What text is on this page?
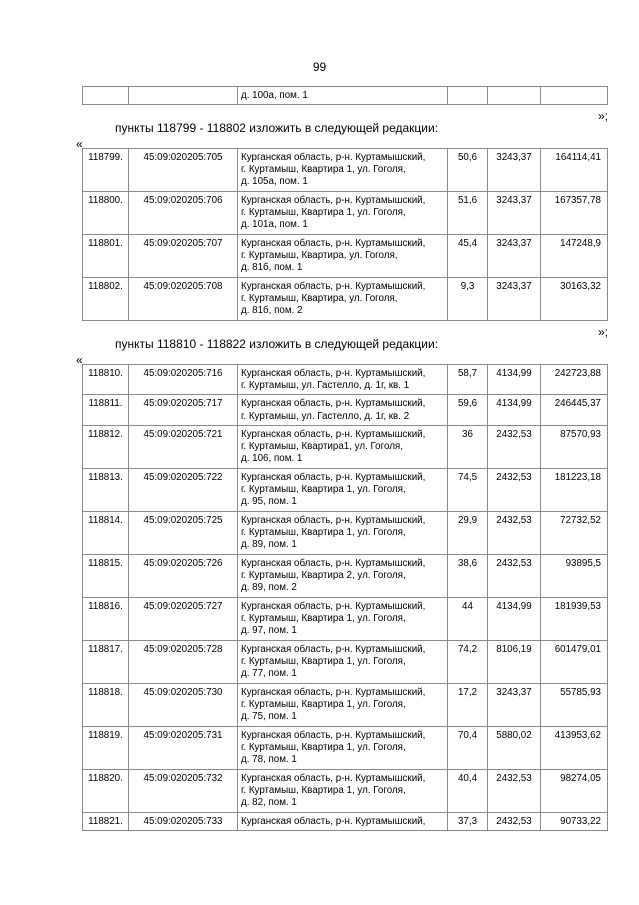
99
		д. 100а, пом. 1			
»;
пункты 118799 - 118802 изложить в следующей редакции:
«
118799.	45:09:020205:705	Курганская область, р-н. Куртамышский,
г. Куртамыш, Квартира 1, ул. Гоголя,
д. 105а, пом. 1	50,6	3243,37	164114,41
118800.	45:09:020205:706	Курганская область, р-н. Куртамышский,
г. Куртамыш, Квартира 1, ул. Гоголя,
д. 101а, пом. 1	51,6	3243,37	167357,78
118801.	45:09:020205:707	Курганская область, р-н. Куртамышский,
г. Куртамыш, Квартира, ул. Гоголя,
д. 81б, пом. 1	45,4	3243,37	147248,9
118802.	45:09:020205:708	Курганская область, р-н. Куртамышский,
г. Куртамыш, Квартира, ул. Гоголя,
д. 81б, пом. 2	9,3	3243,37	30163,32
»;
пункты 118810 - 118822 изложить в следующей редакции:
«
118810.	45:09:020205:716	Курганская область, р-н. Куртамышский,
г. Куртамыш, ул. Гастелло, д. 1г, кв. 1	58,7	4134,99	242723,88
118811.	45:09:020205:717	Курганская область, р-н. Куртамышский,
г. Куртамыш, ул. Гастелло, д. 1г, кв. 2	59,6	4134,99	246445,37
118812.	45:09:020205:721	Курганская область, р-н. Куртамышский,
г. Куртамыш, Квартира1, ул. Гоголя,
д. 106, пом. 1	36	2432,53	87570,93
118813.	45:09:020205:722	Курганская область, р-н. Куртамышский,
г. Куртамыш, Квартира 1, ул. Гоголя,
д. 95, пом. 1	74,5	2432,53	181223,18
118814.	45:09:020205:725	Курганская область, р-н. Куртамышский,
г. Куртамыш, Квартира 1, ул. Гоголя,
д. 89, пом. 1	29,9	2432,53	72732,52
118815.	45:09:020205:726	Курганская область, р-н. Куртамышский,
г. Куртамыш, Квартира 2, ул. Гоголя,
д. 89, пом. 2	38,6	2432,53	93895,5
118816.	45:09:020205:727	Курганская область, р-н. Куртамышский,
г. Куртамыш, Квартира 1, ул. Гоголя,
д. 97, пом. 1	44	4134,99	181939,53
118817.	45:09:020205:728	Курганская область, р-н. Куртамышский,
г. Куртамыш, Квартира 1, ул. Гоголя,
д. 77, пом. 1	74,2	8106,19	601479,01
118818.	45:09:020205:730	Курганская область, р-н. Куртамышский,
г. Куртамыш, Квартира 1, ул. Гоголя,
д. 75, пом. 1	17,2	3243,37	55785,93
118819.	45:09:020205:731	Курганская область, р-н. Куртамышский,
г. Куртамыш, Квартира 1, ул. Гоголя,
д. 78, пом. 1	70,4	5880,02	413953,62
118820.	45:09:020205:732	Курганская область, р-н. Куртамышский,
г. Куртамыш, Квартира 1, ул. Гоголя,
д. 82, пом. 1	40,4	2432,53	98274,05
118821.	45:09:020205:733	Курганская область, р-н. Куртамышский,	37,3	2432,53	90733,22
